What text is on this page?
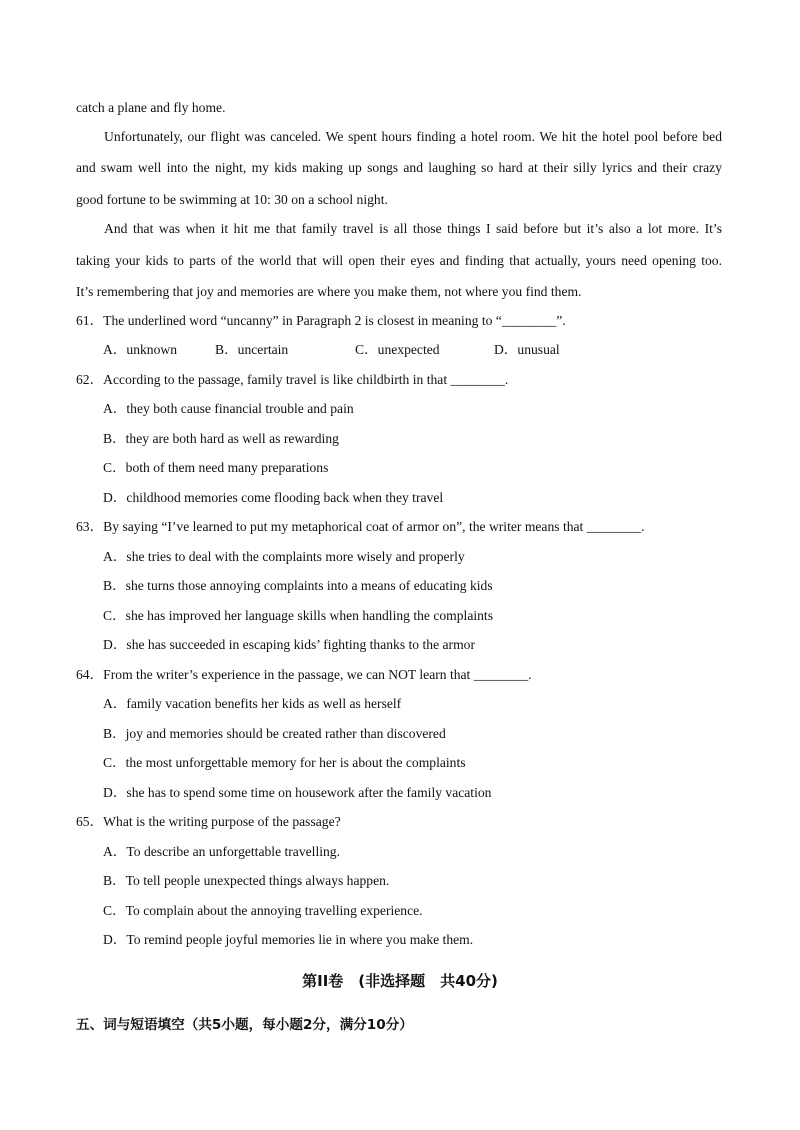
catch a plane and fly home.
Unfortunately, our flight was canceled. We spent hours finding a hotel room. We hit the hotel pool before bed
and swam well into the night, my kids making up songs and laughing so hard at their silly lyrics and their crazy
good fortune to be swimming at 10: 30 on a school night.
And that was when it hit me that family travel is all those things I said before but it’s also a lot more. It’s
taking your kids to parts of the world that will open their eyes and finding that actually, yours need opening too.
It’s remembering that joy and memories are where you make them, not where you find them.
61．The underlined word “uncanny” in Paragraph 2 is closest in meaning to “________”.
A．unknown	B．uncertain	C．unexpected	D．unusual
62．According to the passage, family travel is like childbirth in that ________.
A．they both cause financial trouble and pain
B．they are both hard as well as rewarding
C．both of them need many preparations
D．childhood memories come flooding back when they travel
63．By saying “I’ve learned to put my metaphorical coat of armor on”, the writer means that ________.
A．she tries to deal with the complaints more wisely and properly
B．she turns those annoying complaints into a means of educating kids
C．she has improved her language skills when handling the complaints
D．she has succeeded in escaping kids’ fighting thanks to the armor
64．From the writer’s experience in the passage, we can NOT learn that ________.
A．family vacation benefits her kids as well as herself
B．joy and memories should be created rather than discovered
C．the most unforgettable memory for her is about the complaints
D．she has to spend some time on housework after the family vacation
65．What is the writing purpose of the passage?
A．To describe an unforgettable travelling.
B．To tell people unexpected things always happen.
C．To complain about the annoying travelling experience.
D．To remind people joyful memories lie in where you make them.
第II卷　(非选择题　共40分)
五、词与短语填空（共5小题，每小题2分，满分10分）
